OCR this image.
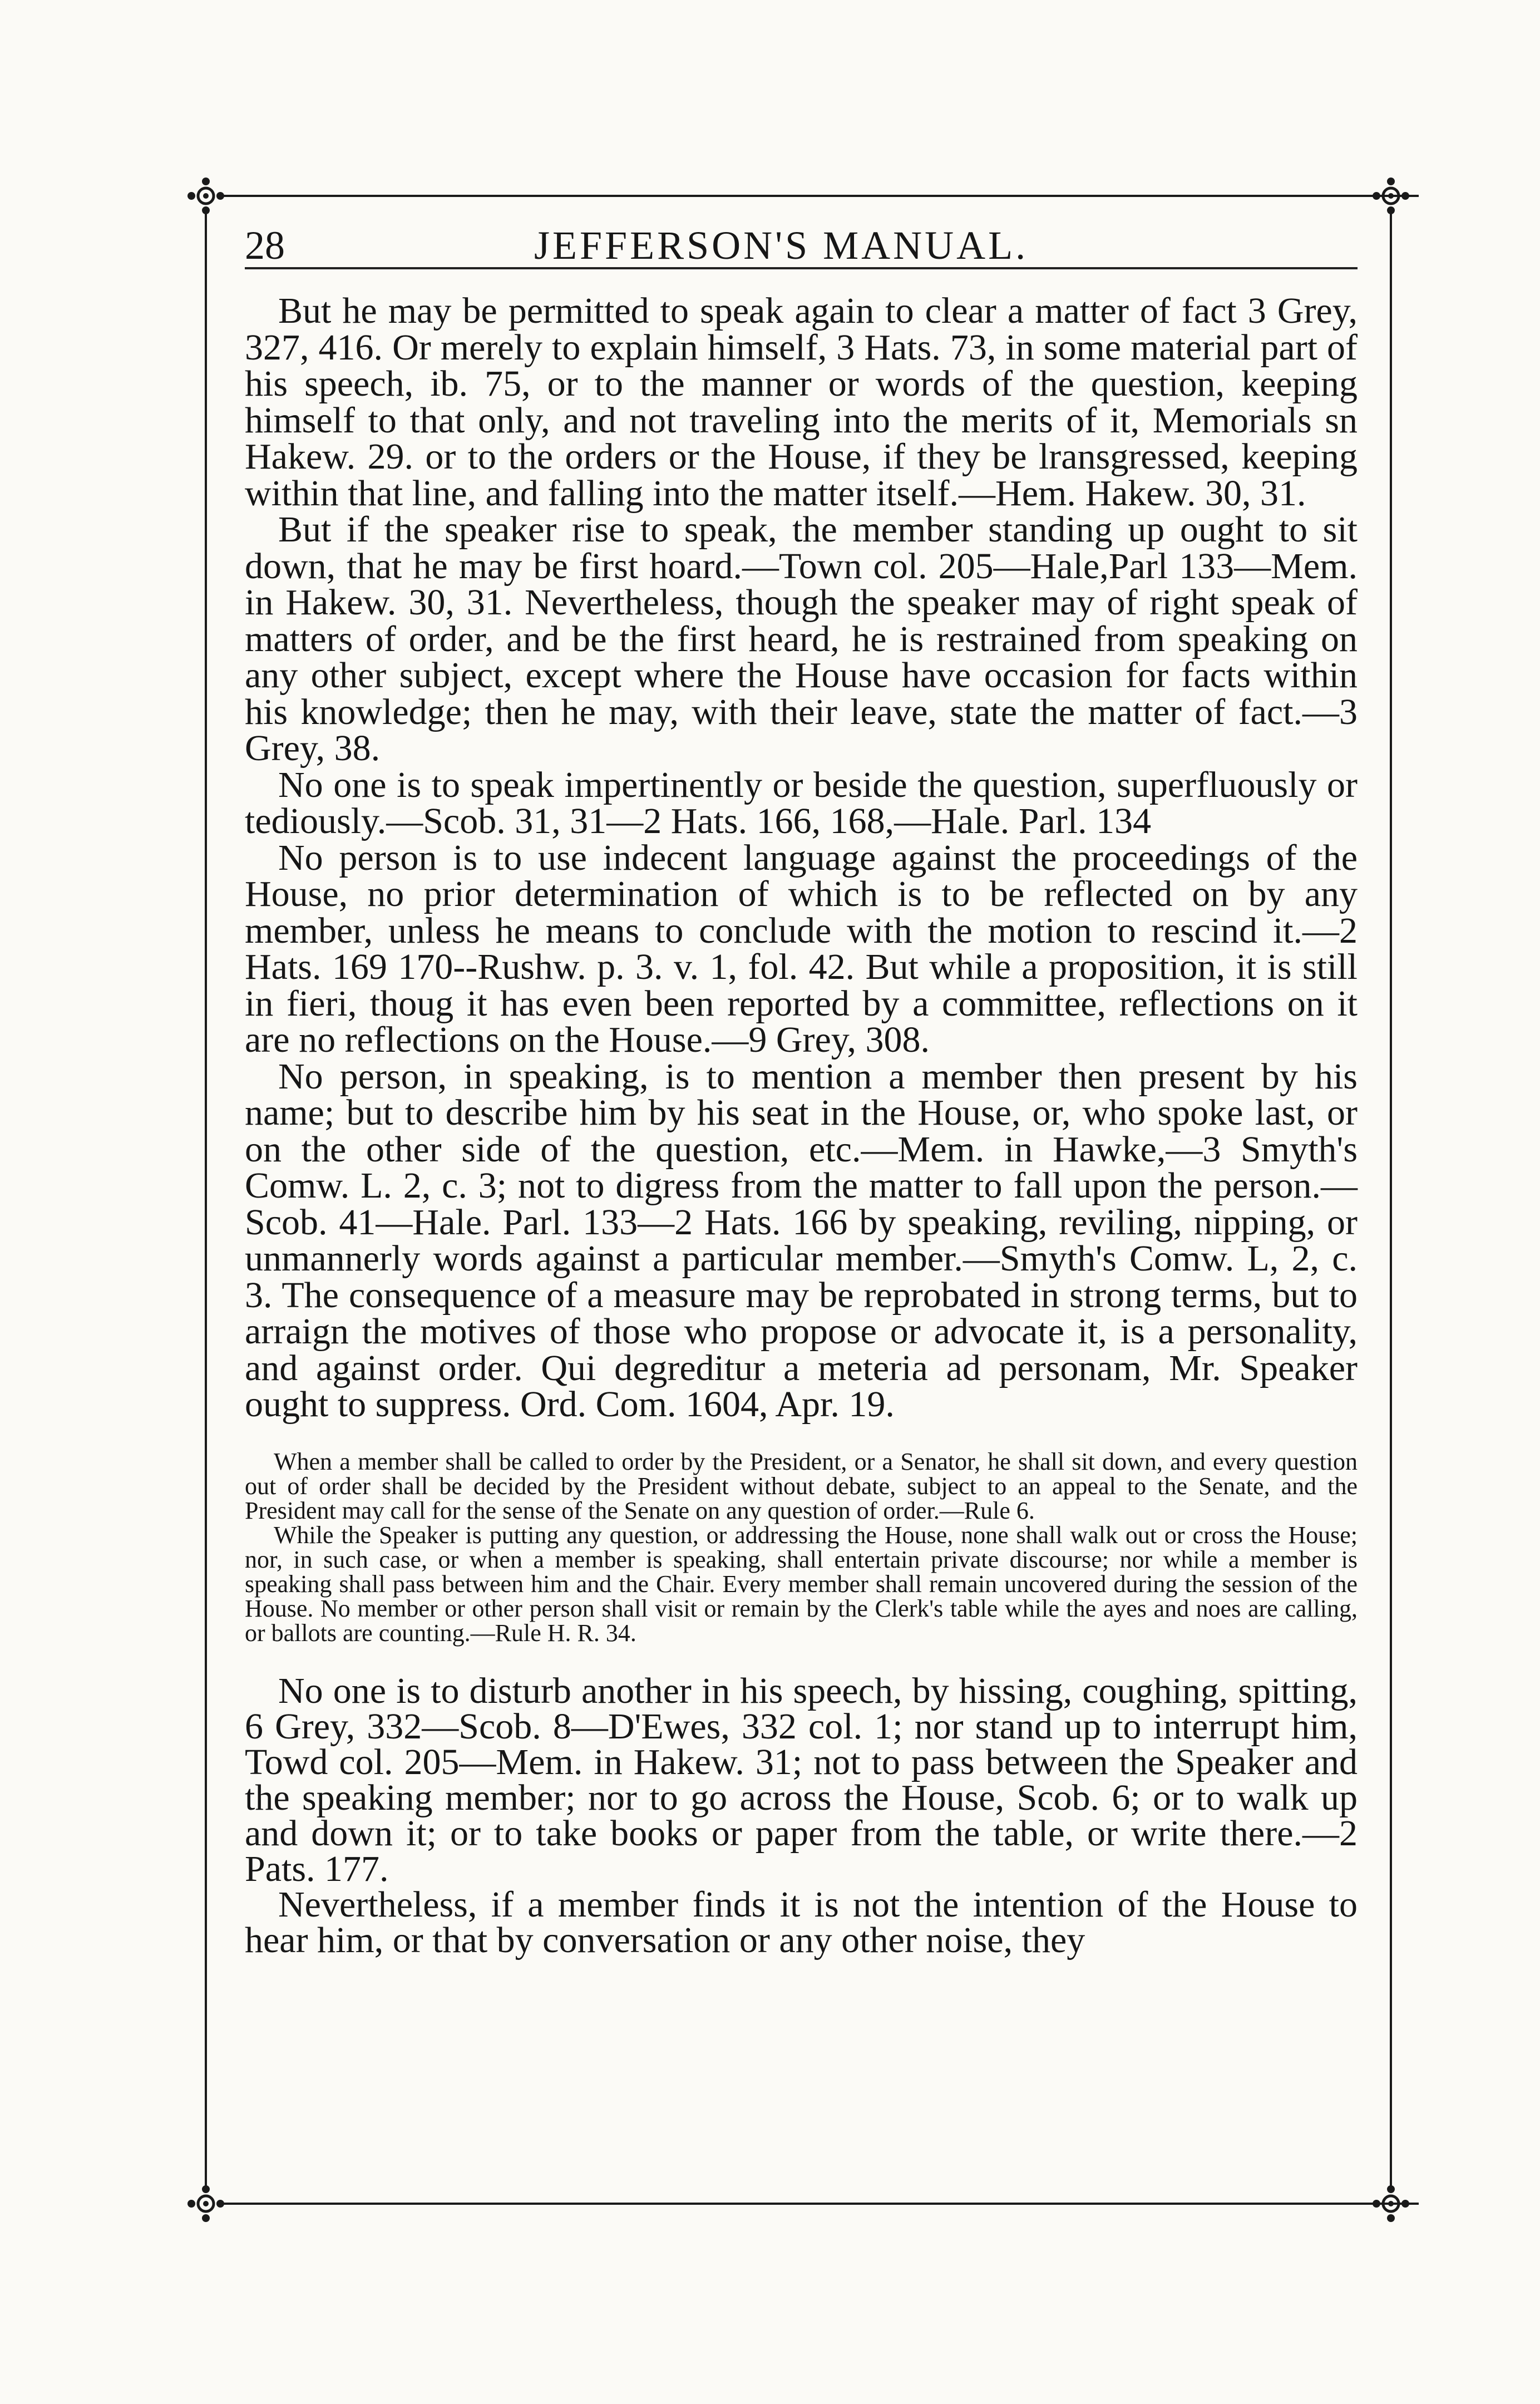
28	JEFFERSON'S MANUAL.

But he may be permitted to speak again to clear a matter of fact 3 Grey, 327, 416. Or merely to explain himself, 3 Hats. 73, in some material part of his speech, ib. 75, or to the manner or words of the question, keeping himself to that only, and not traveling into the merits of it, Memorials sn Hakew. 29. or to the orders or the House, if they be lransgressed, keeping within that line, and falling into the matter itself.—Hem. Hakew. 30, 31.

But if the speaker rise to speak, the member standing up ought to sit down, that he may be first hoard.—Town col. 205—Hale,Parl 133—Mem. in Hakew. 30, 31. Nevertheless, though the speaker may of right speak of matters of order, and be the first heard, he is restrained from speaking on any other subject, except where the House have occasion for facts within his knowledge; then he may, with their leave, state the matter of fact.—3 Grey, 38.

No one is to speak impertinently or beside the question, superfluously or tediously.—Scob. 31, 31—2 Hats. 166, 168,—Hale. Parl. 134

No person is to use indecent language against the proceedings of the House, no prior determination of which is to be reflected on by any member, unless he means to conclude with the motion to rescind it.—2 Hats. 169 170--Rushw. p. 3. v. 1, fol. 42. But while a proposition, it is still in fieri, thoug it has even been reported by a committee, reflections on it are no reflections on the House.—9 Grey, 308.

No person, in speaking, is to mention a member then present by his name; but to describe him by his seat in the House, or, who spoke last, or on the other side of the question, etc.—Mem. in Hawke,—3 Smyth's Comw. L. 2, c. 3; not to digress from the matter to fall upon the person.—Scob. 41—Hale. Parl. 133—2 Hats. 166 by speaking, reviling, nipping, or unmannerly words against a particular member.—Smyth's Comw. L, 2, c. 3. The consequence of a measure may be reprobated in strong terms, but to arraign the motives of those who propose or advocate it, is a personality, and against order. Qui degreditur a meteria ad personam, Mr. Speaker ought to suppress. Ord. Com. 1604, Apr. 19.

When a member shall be called to order by the President, or a Senator, he shall sit down, and every question out of order shall be decided by the President without debate, subject to an appeal to the Senate, and the President may call for the sense of the Senate on any question of order.—Rule 6.

While the Speaker is putting any question, or addressing the House, none shall walk out or cross the House; nor, in such case, or when a member is speaking, shall entertain private discourse; nor while a member is speaking shall pass between him and the Chair. Every member shall remain uncovered during the session of the House. No member or other person shall visit or remain by the Clerk's table while the ayes and noes are calling, or ballots are counting.—Rule H. R. 34.

No one is to disturb another in his speech, by hissing, coughing, spitting, 6 Grey, 332—Scob. 8—D'Ewes, 332 col. 1; nor stand up to interrupt him, Towd col. 205—Mem. in Hakew. 31; not to pass between the Speaker and the speaking member; nor to go across the House, Scob. 6; or to walk up and down it; or to take books or paper from the table, or write there.—2 Pats. 177.

Nevertheless, if a member finds it is not the intention of the House to hear him, or that by conversation or any other noise, they
